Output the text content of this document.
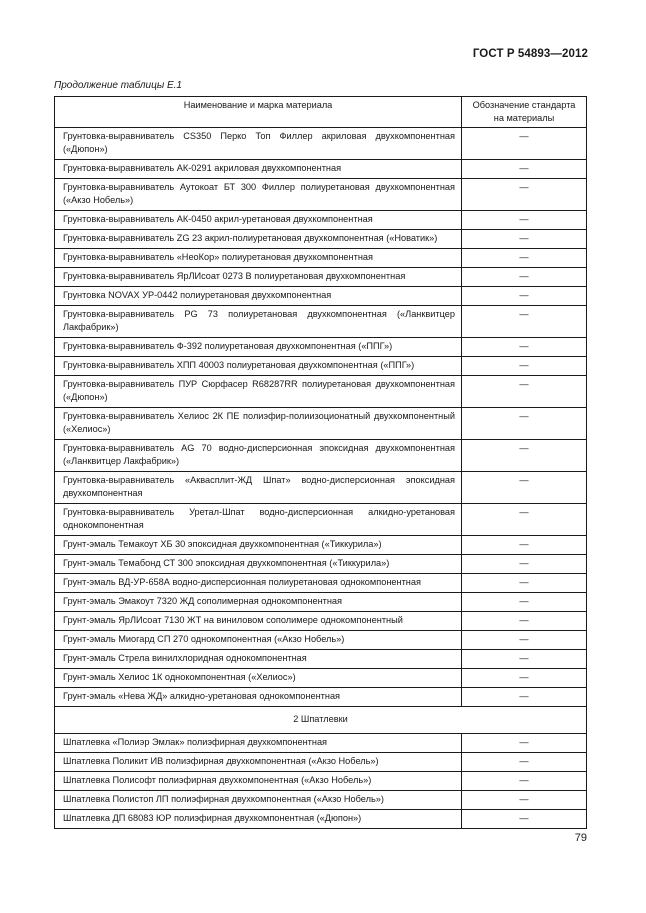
ГОСТ Р 54893—2012
Продолжение таблицы Е.1
Наименование и марка материала	Обозначение стандарта
на материалы
Грунтовка-выравниватель CS350 Перко Топ Филлер акриловая двухкомпонентная («Дюпон»)	—
Грунтовка-выравниватель АК-0291 акриловая двухкомпонентная	—
Грунтовка-выравниватель Аутокоат БТ 300 Филлер полиуретановая двухкомпонентная («Акзо Нобель»)	—
Грунтовка-выравниватель АК-0450 акрил-уретановая двухкомпонентная	—
Грунтовка-выравниватель ZG 23 акрил-полиуретановая двухкомпонентная («Новатик»)	—
Грунтовка-выравниватель «НеоКор» полиуретановая двухкомпонентная	—
Грунтовка-выравниватель ЯрЛИсоат 0273 В полиуретановая двухкомпонентная	—
Грунтовка NOVAX УР-0442 полиуретановая двухкомпонентная	—
Грунтовка-выравниватель PG 73 полиуретановая двухкомпонентная («Ланквитцер Лакфабрик»)	—
Грунтовка-выравниватель Ф-392 полиуретановая двухкомпонентная («ППГ»)	—
Грунтовка-выравниватель ХПП 40003 полиуретановая двухкомпонентная («ППГ»)	—
Грунтовка-выравниватель ПУР Сюрфасер R68287RR полиуретановая двухкомпонентная («Дюпон»)	—
Грунтовка-выравниватель Хелиос 2К ПЕ полиэфир-полиизоционатный двухкомпонентный («Хелиос»)	—
Грунтовка-выравниватель AG 70 водно-дисперсионная эпоксидная двухкомпонентная («Ланквитцер Лакфабрик»)	—
Грунтовка-выравниватель «Аквасплит-ЖД Шпат» водно-дисперсионная эпоксидная двухкомпонентная	—
Грунтовка-выравниватель Уретал-Шпат водно-дисперсионная алкидно-уретановая однокомпонентная	—
Грунт-эмаль Темакоут ХБ 30 эпоксидная двухкомпонентная («Тиккурила»)	—
Грунт-эмаль Темабонд СТ 300 эпоксидная двухкомпонентная («Тиккурила»)	—
Грунт-эмаль ВД-УР-658А водно-дисперсионная полиуретановая однокомпонентная	—
Грунт-эмаль Эмакоут 7320 ЖД сополимерная однокомпонентная	—
Грунт-эмаль ЯрЛИсоат 7130 ЖТ на виниловом сополимере однокомпонентный	—
Грунт-эмаль Миогард СП 270 однокомпонентная («Акзо Нобель»)	—
Грунт-эмаль Стрела винилхлоридная однокомпонентная	—
Грунт-эмаль Хелиос 1К однокомпонентная («Хелиос»)	—
Грунт-эмаль «Нева ЖД» алкидно-уретановая однокомпонентная	—
2 Шпатлевки	
Шпатлевка «Полиэр Эмлак» полиэфирная двухкомпонентная	—
Шпатлевка Поликит ИВ полиэфирная двухкомпонентная («Акзо Нобель»)	—
Шпатлевка Полисофт полиэфирная двухкомпонентная («Акзо Нобель»)	—
Шпатлевка Полистоп ЛП полиэфирная двухкомпонентная («Акзо Нобель»)	—
Шпатлевка ДП 68083 ЮР полиэфирная двухкомпонентная («Дюпон»)	—
79
